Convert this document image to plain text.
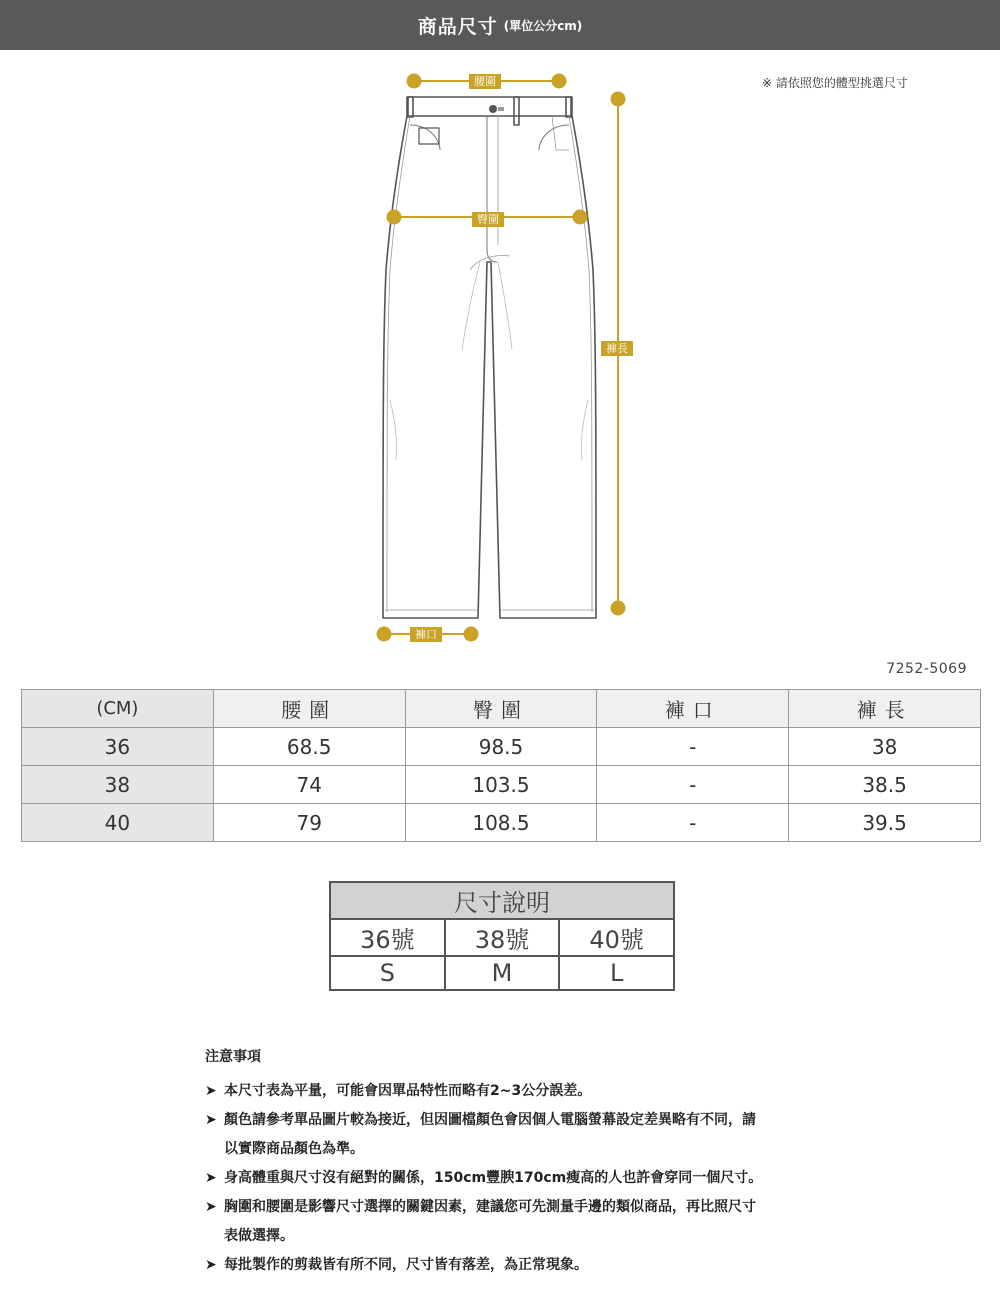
商品尺寸 (單位公分cm)
※ 請依照您的體型挑選尺寸
腰圍
臀圍
褲長
褲口
7252-5069
(CM)	腰圍	臀圍	褲口	褲長
36	68.5	98.5	-	38
38	74	103.5	-	38.5
40	79	108.5	-	39.5
尺寸說明		
36號	38號	40號
S	M	L
注意事項
➤ 本尺寸表為平量，可能會因單品特性而略有2~3公分誤差。
➤ 顏色請參考單品圖片較為接近，但因圖檔顏色會因個人電腦螢幕設定差異略有不同，請
以實際商品顏色為準。
➤ 身高體重與尺寸沒有絕對的關係，150cm豐腴170cm瘦高的人也許會穿同一個尺寸。
➤ 胸圍和腰圍是影響尺寸選擇的關鍵因素，建議您可先測量手邊的類似商品，再比照尺寸
表做選擇。
➤ 每批製作的剪裁皆有所不同，尺寸皆有落差，為正常現象。
